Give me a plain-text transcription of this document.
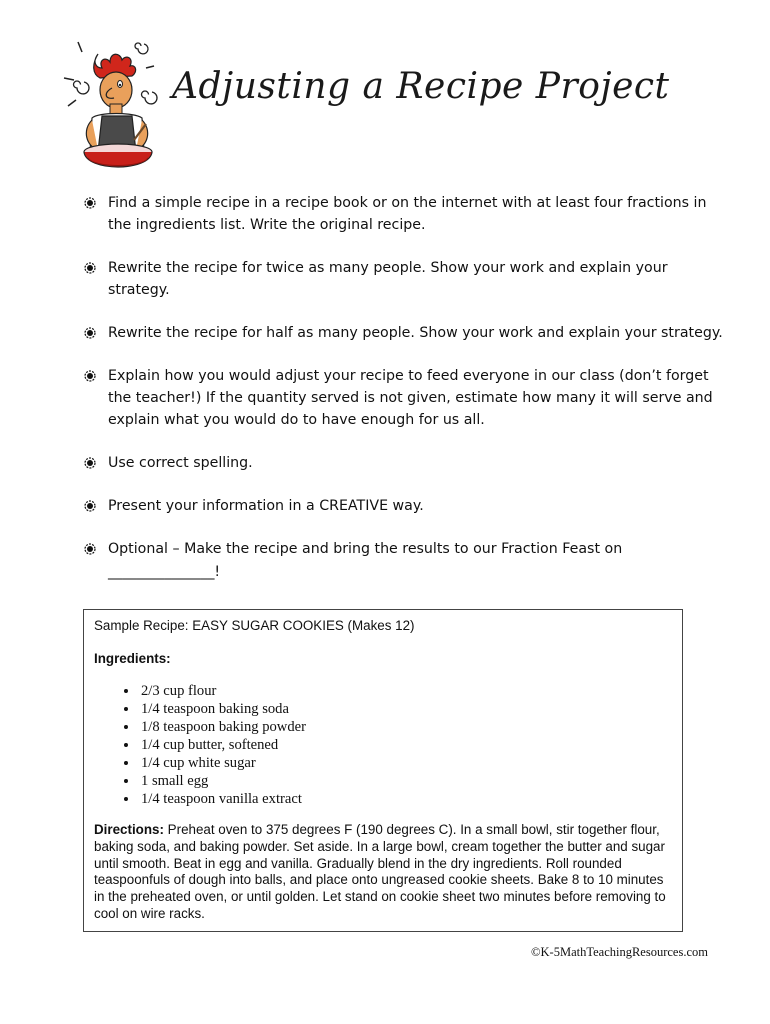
Adjusting a Recipe Project
Find a simple recipe in a recipe book or on the internet with at least four fractions in the ingredients list. Write the original recipe.
Rewrite the recipe for twice as many people. Show your work and explain your strategy.
Rewrite the recipe for half as many people. Show your work and explain your strategy.
Explain how you would adjust your recipe to feed everyone in our class (don’t forget the teacher!) If the quantity served is not given, estimate how many it will serve and explain what you would do to have enough for us all.
Use correct spelling.
Present your information in a CREATIVE way.
Optional – Make the recipe and bring the results to our Fraction Feast on
_______________!

Sample Recipe: EASY SUGAR COOKIES (Makes 12)

Ingredients:

• 2/3 cup flour
• 1/4 teaspoon baking soda
• 1/8 teaspoon baking powder
• 1/4 cup butter, softened
• 1/4 cup white sugar
• 1 small egg
• 1/4 teaspoon vanilla extract

Directions: Preheat oven to 375 degrees F (190 degrees C). In a small bowl, stir together flour, baking soda, and baking powder. Set aside. In a large bowl, cream together the butter and sugar until smooth. Beat in egg and vanilla. Gradually blend in the dry ingredients. Roll rounded teaspoonfuls of dough into balls, and place onto ungreased cookie sheets. Bake 8 to 10 minutes in the preheated oven, or until golden. Let stand on cookie sheet two minutes before removing to cool on wire racks.

©K-5MathTeachingResources.com
